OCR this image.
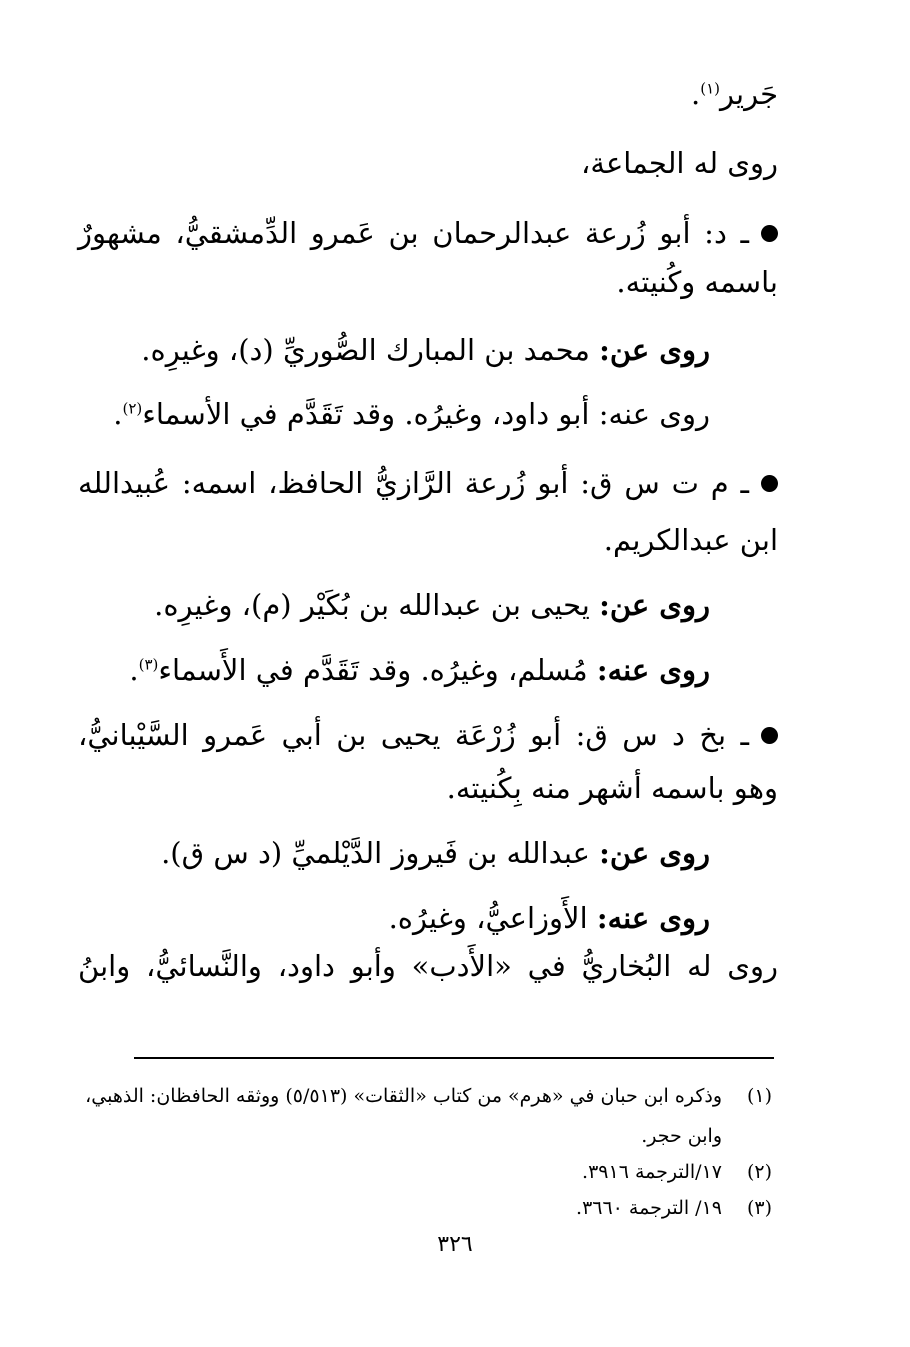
جَرير$^{(١)}$.
روى له الجماعة،
ـ د: أبو زُرعة عبدالرحمان بن عَمرو الدِّمشقيُّ، مشهورٌ
باسمه وكُنيته.
روى عن: محمد بن المبارك الصُّوريِّ (د)، وغيرِه.
روى عنه: أبو داود، وغيرُه. وقد تَقَدَّم في الأسماء$^{(٢)}$.
ـ م ت س ق: أبو زُرعة الرَّازيُّ الحافظ، اسمه: عُبيدالله
ابن عبدالكريم.
روى عن: يحيى بن عبدالله بن بُكَيْر (م)، وغيرِه.
روى عنه: مُسلم، وغيرُه. وقد تَقَدَّم في الأَسماء$^{(٣)}$.
ـ بخ د س ق: أبو زُرْعَة يحيى بن أبي عَمرو السَّيْبانيُّ،
وهو باسمه أشهر منه بِكُنيته.
روى عن: عبدالله بن فَيروز الدَّيْلميِّ (د س ق).
روى عنه: الأَوزاعيُّ، وغيرُه.
روى له البُخاريُّ في «الأَدب» وأبو داود، والنَّسائيُّ، وابنُ
(١)وذكره ابن حبان في «هرم» من كتاب «الثقات» (٥/٥١٣) ووثقه الحافظان: الذهبي،
وابن حجر.
(٢)١٧/الترجمة ٣٩١٦.
(٣)١٩/ الترجمة ٣٦٦٠.
٣٢٦
